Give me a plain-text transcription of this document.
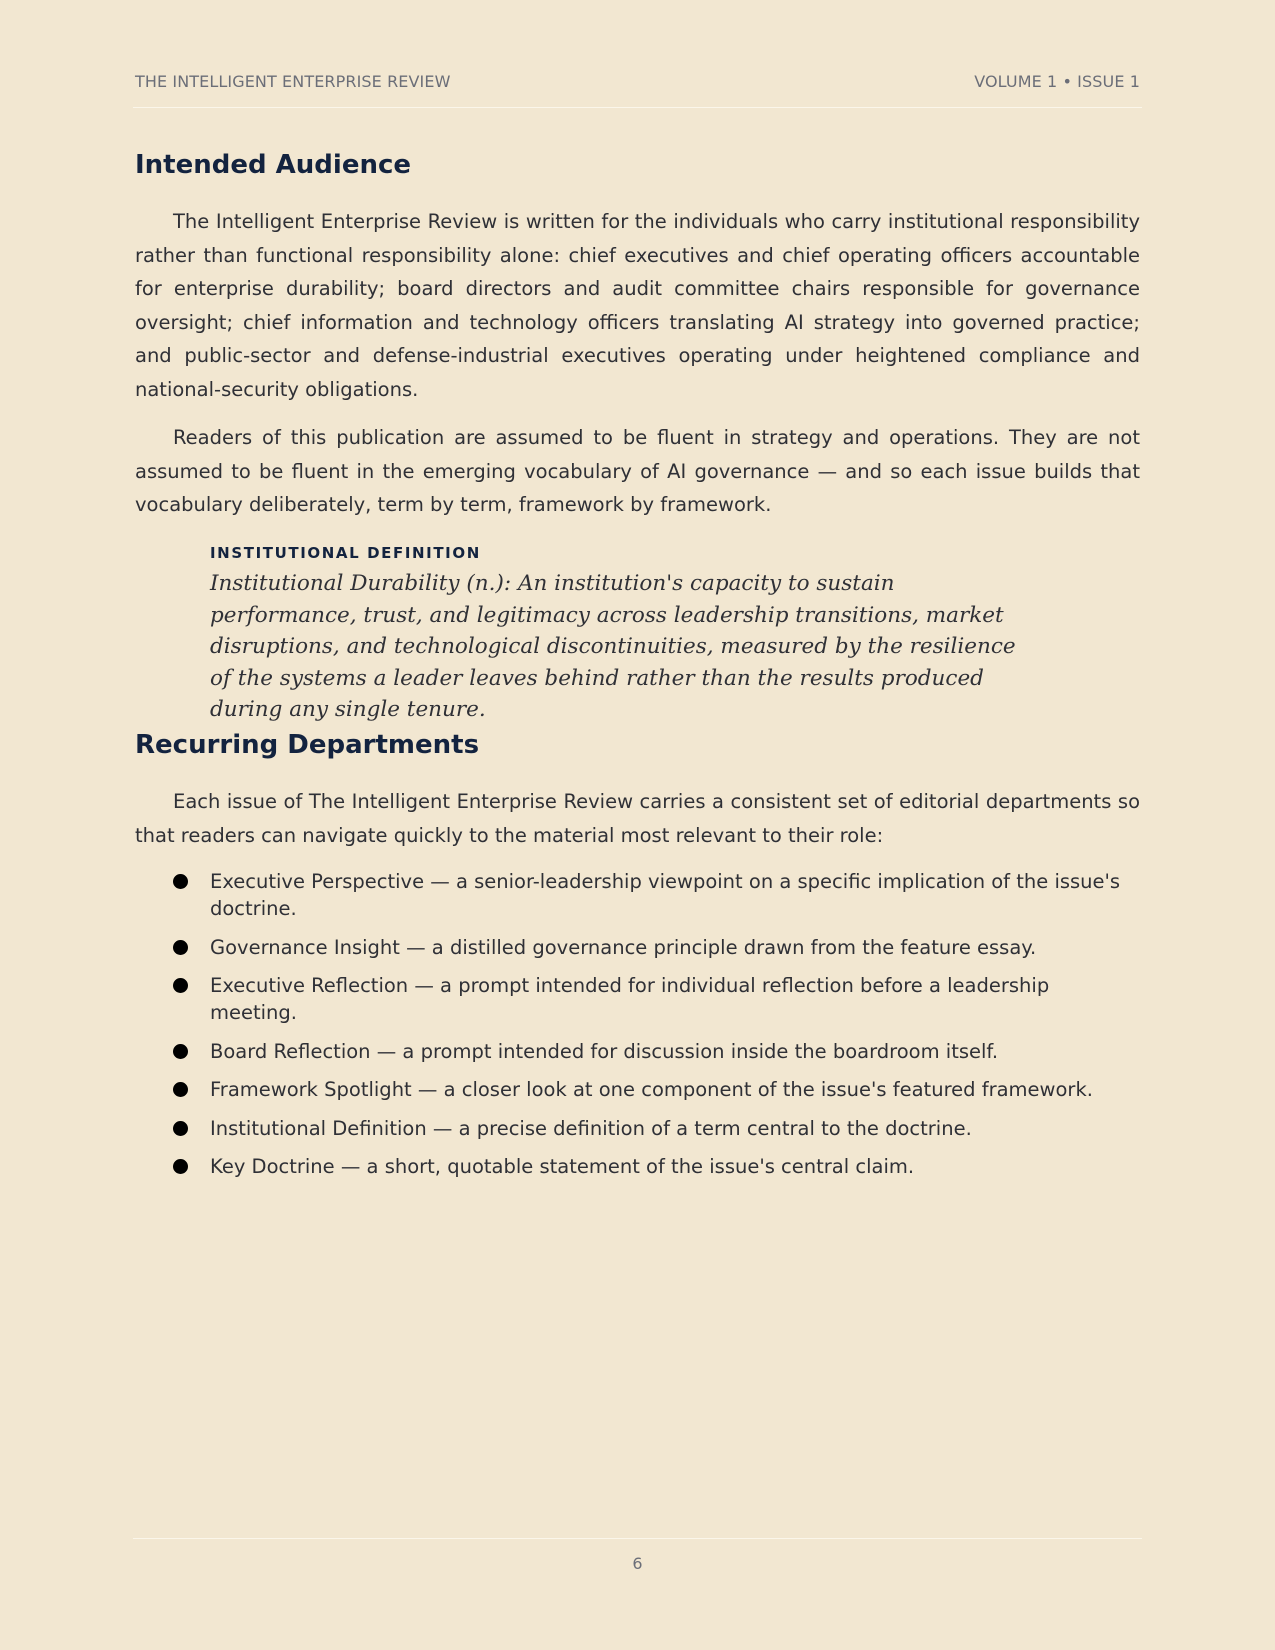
THE INTELLIGENT ENTERPRISE REVIEW	VOLUME 1 • ISSUE 1
Intended Audience

The Intelligent Enterprise Review is written for the individuals who carry institutional responsibility rather than functional responsibility alone: chief executives and chief operating officers accountable for enterprise durability; board directors and audit committee chairs responsible for governance oversight; chief information and technology officers translating AI strategy into governed practice; and public-sector and defense-industrial executives operating under heightened compliance and national-security obligations.

Readers of this publication are assumed to be fluent in strategy and operations. They are not assumed to be fluent in the emerging vocabulary of AI governance — and so each issue builds that vocabulary deliberately, term by term, framework by framework.

INSTITUTIONAL DEFINITION

Institutional Durability (n.): An institution's capacity to sustain performance, trust, and legitimacy across leadership transitions, market disruptions, and technological discontinuities, measured by the resilience of the systems a leader leaves behind rather than the results produced during any single tenure.

Recurring Departments

Each issue of The Intelligent Enterprise Review carries a consistent set of editorial departments so that readers can navigate quickly to the material most relevant to their role:

Executive Perspective — a senior-leadership viewpoint on a specific implication of the issue's doctrine.
Governance Insight — a distilled governance principle drawn from the feature essay.
Executive Reflection — a prompt intended for individual reflection before a leadership meeting.
Board Reflection — a prompt intended for discussion inside the boardroom itself.
Framework Spotlight — a closer look at one component of the issue's featured framework.
Institutional Definition — a precise definition of a term central to the doctrine.
Key Doctrine — a short, quotable statement of the issue's central claim.
6
